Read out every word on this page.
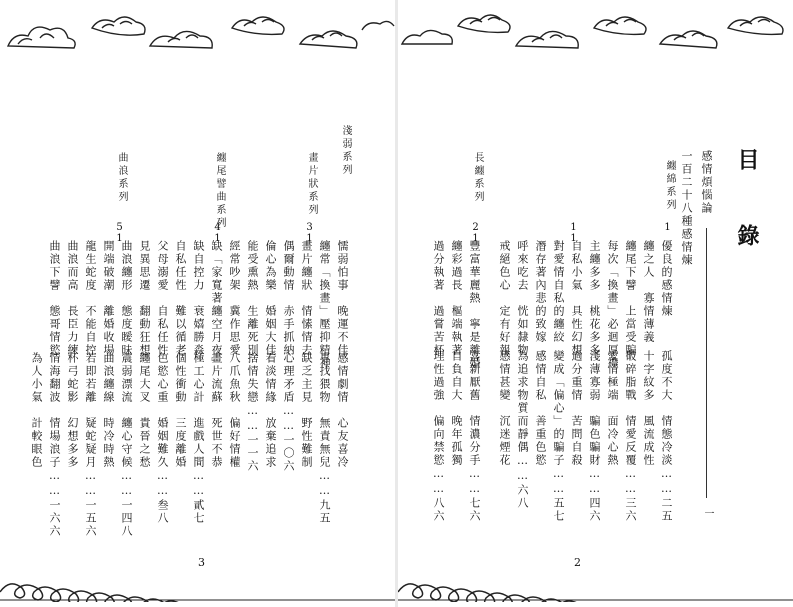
淺弱系列
畫片狀系列
纏尾譬曲系列
曲浪系列
31
41
51
懦弱怕事　晚運不佳
纏常「換畫」壓抑精神
畫片纏狀　情愫情去
偶爾動情　赤手抓納
倫心為樂　婚姻大佳
缺「家寬著纏空月夜」 能受熏熱　生離死別
經常吵架　冀作思愛
缺自控力　衰嬉勝淼
自私任性　難以循老
父母溺愛　自私任性
見異思遷　翻動狂想
曲浪纏形　態度瞹昧
開端破潮　離婚收場
龍生蛇度　不能自控
曲浪而高　長臣力練
曲浪下譬　態哥情慾
感情劇情　心友喜冷
專找猥物　無責無兒……九五
缺乏主見　野性難制
心理矛盾……一〇六
看淡情緣　放棄追求
捨情失戀……一一六
八爪魚秋　偏好情權
畫片流蘇　死世不恭
極工心計　進戲人間……貳七
個性衝動　三度離婚
色慾心重　婚姻難久……叁八
纏尾大叉　貴晉之愁
震弱漂流　纏心守候……一四八
曲浪纏線　時冷時熱
若即若離　疑蛇疑月……一五六
杯弓蛇影　幻想多多
情海翻波　情場浪子……一六六
為人小氣　計較眼色
3
目 錄
感情煩惱論
一
一百二十八種感情煉
纏綿系列
1
11
長纏系列
21
優良的感情煉
纏之人　寡情薄義
纏尾下譬　上當受騙
每次「換畫」必迴厚禮
主纏多多　桃花多多
自私小氣　具性幻想
對愛情自私的纏絞
潛存著內悲的致嫁
呼來吃去　恍如隸物
戒絕色心　定有好報
豐富華麗熱　寧是離婚
纏彩過長　樞端執著
過分執著　過嘗苦杯
孤度不大　情態冷淡……二五
十字紋多　風流成性
破碎脂戰　情愛反覆……三六
愛情極端　面冷心熱
淺薄寡弱　騙色騙財……四六
過分重情　苦問自殺
變成「偏心」的騙子……五七
感情自私　善重色慾
為追求物質而靜偶……六八
感情甚變　沉迷煙花
喜新厭舊　情濃分手……七六
自負自大　晚年孤獨
理性過強　偏向禁慾……八六
2
